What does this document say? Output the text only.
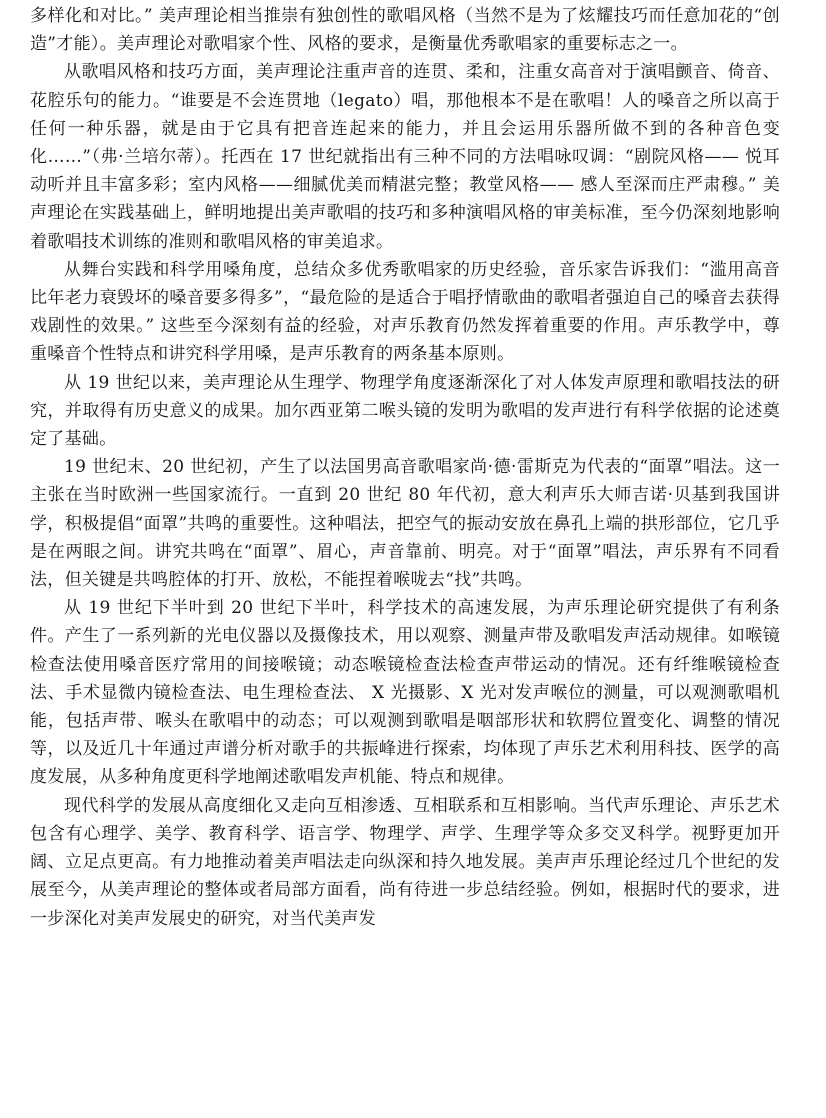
多样化和对比。” 美声理论相当推崇有独创性的歌唱风格（当然不是为了炫耀技巧而任意加花的“创造”才能）。美声理论对歌唱家个性、风格的要求，是衡量优秀歌唱家的重要标志之一。

从歌唱风格和技巧方面，美声理论注重声音的连贯、柔和，注重女高音对于演唱颤音、倚音、花腔乐句的能力。“谁要是不会连贯地（legato）唱，那他根本不是在歌唱！人的嗓音之所以高于任何一种乐器，就是由于它具有把音连起来的能力，并且会运用乐器所做不到的各种音色变化……”（弗·兰培尔蒂）。托西在 17 世纪就指出有三种不同的方法唱咏叹调：“剧院风格—— 悦耳动听并且丰富多彩；室内风格——细腻优美而精湛完整；教堂风格—— 感人至深而庄严肃穆。” 美声理论在实践基础上，鲜明地提出美声歌唱的技巧和多种演唱风格的审美标准，至今仍深刻地影响着歌唱技术训练的准则和歌唱风格的审美追求。

从舞台实践和科学用嗓角度，总结众多优秀歌唱家的历史经验，音乐家告诉我们：“滥用高音比年老力衰毁坏的嗓音要多得多”，“最危险的是适合于唱抒情歌曲的歌唱者强迫自己的嗓音去获得戏剧性的效果。” 这些至今深刻有益的经验，对声乐教育仍然发挥着重要的作用。声乐教学中，尊重嗓音个性特点和讲究科学用嗓，是声乐教育的两条基本原则。

从 19 世纪以来，美声理论从生理学、物理学角度逐渐深化了对人体发声原理和歌唱技法的研究，并取得有历史意义的成果。加尔西亚第二喉头镜的发明为歌唱的发声进行有科学依据的论述奠定了基础。

19 世纪末、20 世纪初，产生了以法国男高音歌唱家尚·德·雷斯克为代表的“面罩”唱法。这一主张在当时欧洲一些国家流行。一直到 20 世纪 80 年代初，意大利声乐大师吉诺·贝基到我国讲学，积极提倡“面罩”共鸣的重要性。这种唱法，把空气的振动安放在鼻孔上端的拱形部位，它几乎是在两眼之间。讲究共鸣在“面罩”、眉心，声音靠前、明亮。对于“面罩”唱法，声乐界有不同看法，但关键是共鸣腔体的打开、放松，不能捏着喉咙去“找”共鸣。

从 19 世纪下半叶到 20 世纪下半叶，科学技术的高速发展，为声乐理论研究提供了有利条件。产生了一系列新的光电仪器以及摄像技术，用以观察、测量声带及歌唱发声活动规律。如喉镜检查法使用嗓音医疗常用的间接喉镜；动态喉镜检查法检查声带运动的情况。还有纤维喉镜检查法、手术显微内镜检查法、电生理检查法、 X 光摄影、X 光对发声喉位的测量，可以观测歌唱机能，包括声带、喉头在歌唱中的动态；可以观测到歌唱是咽部形状和软腭位置变化、调整的情况等，以及近几十年通过声谱分析对歌手的共振峰进行探索，均体现了声乐艺术利用科技、医学的高度发展，从多种角度更科学地阐述歌唱发声机能、特点和规律。

现代科学的发展从高度细化又走向互相渗透、互相联系和互相影响。当代声乐理论、声乐艺术包含有心理学、美学、教育科学、语言学、物理学、声学、生理学等众多交叉科学。视野更加开阔、立足点更高。有力地推动着美声唱法走向纵深和持久地发展。美声声乐理论经过几个世纪的发展至今，从美声理论的整体或者局部方面看，尚有待进一步总结经验。例如，根据时代的要求，进一步深化对美声发展史的研究，对当代美声发
